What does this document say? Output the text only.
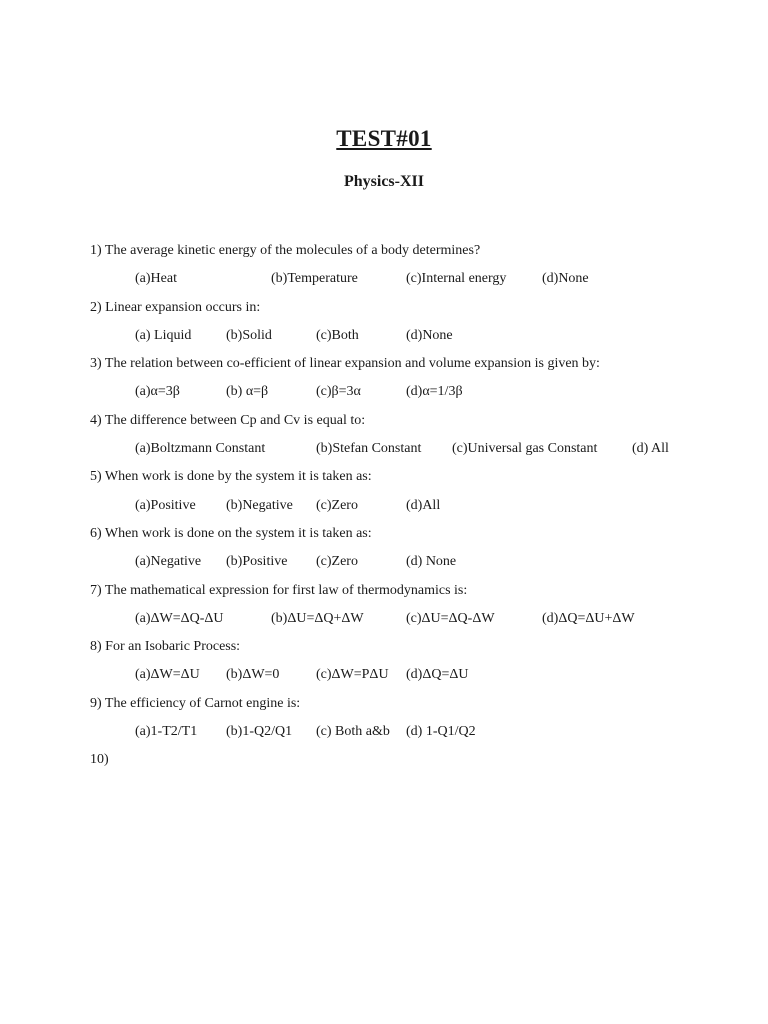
TEST#01
Physics-XII
1) The average kinetic energy of the molecules of a body determines?
(a)Heat	(b)Temperature	(c)Internal energy	(d)None
2) Linear expansion occurs in:
(a) Liquid (b)Solid	(c)Both	(d)None
3) The relation between co-efficient of linear expansion and volume expansion is given by:
(a)α=3β	(b) α=β	(c)β=3α	(d)α=1/3β
4) The difference between Cp and Cv is equal to:
(a)Boltzmann Constant	(b)Stefan Constant (c)Universal gas Constant (d) All
5) When work is done by the system it is taken as:
(a)Positive (b)Negative (c)Zero	(d)All
6) When work is done on the system it is taken as:
(a)Negative (b)Positive (c)Zero	(d) None
7) The mathematical expression for first law of thermodynamics is:
(a)ΔW=ΔQ-ΔU	(b)ΔU=ΔQ+ΔW	(c)ΔU=ΔQ-ΔW	(d)ΔQ=ΔU+ΔW
8) For an Isobaric Process:
(a)ΔW=ΔU (b)ΔW=0	(c)ΔW=PΔU (d)ΔQ=ΔU
9) The efficiency of Carnot engine is:
(a)1-T2/T1 (b)1-Q2/Q1 (c) Both a&b (d) 1-Q1/Q2
10)
